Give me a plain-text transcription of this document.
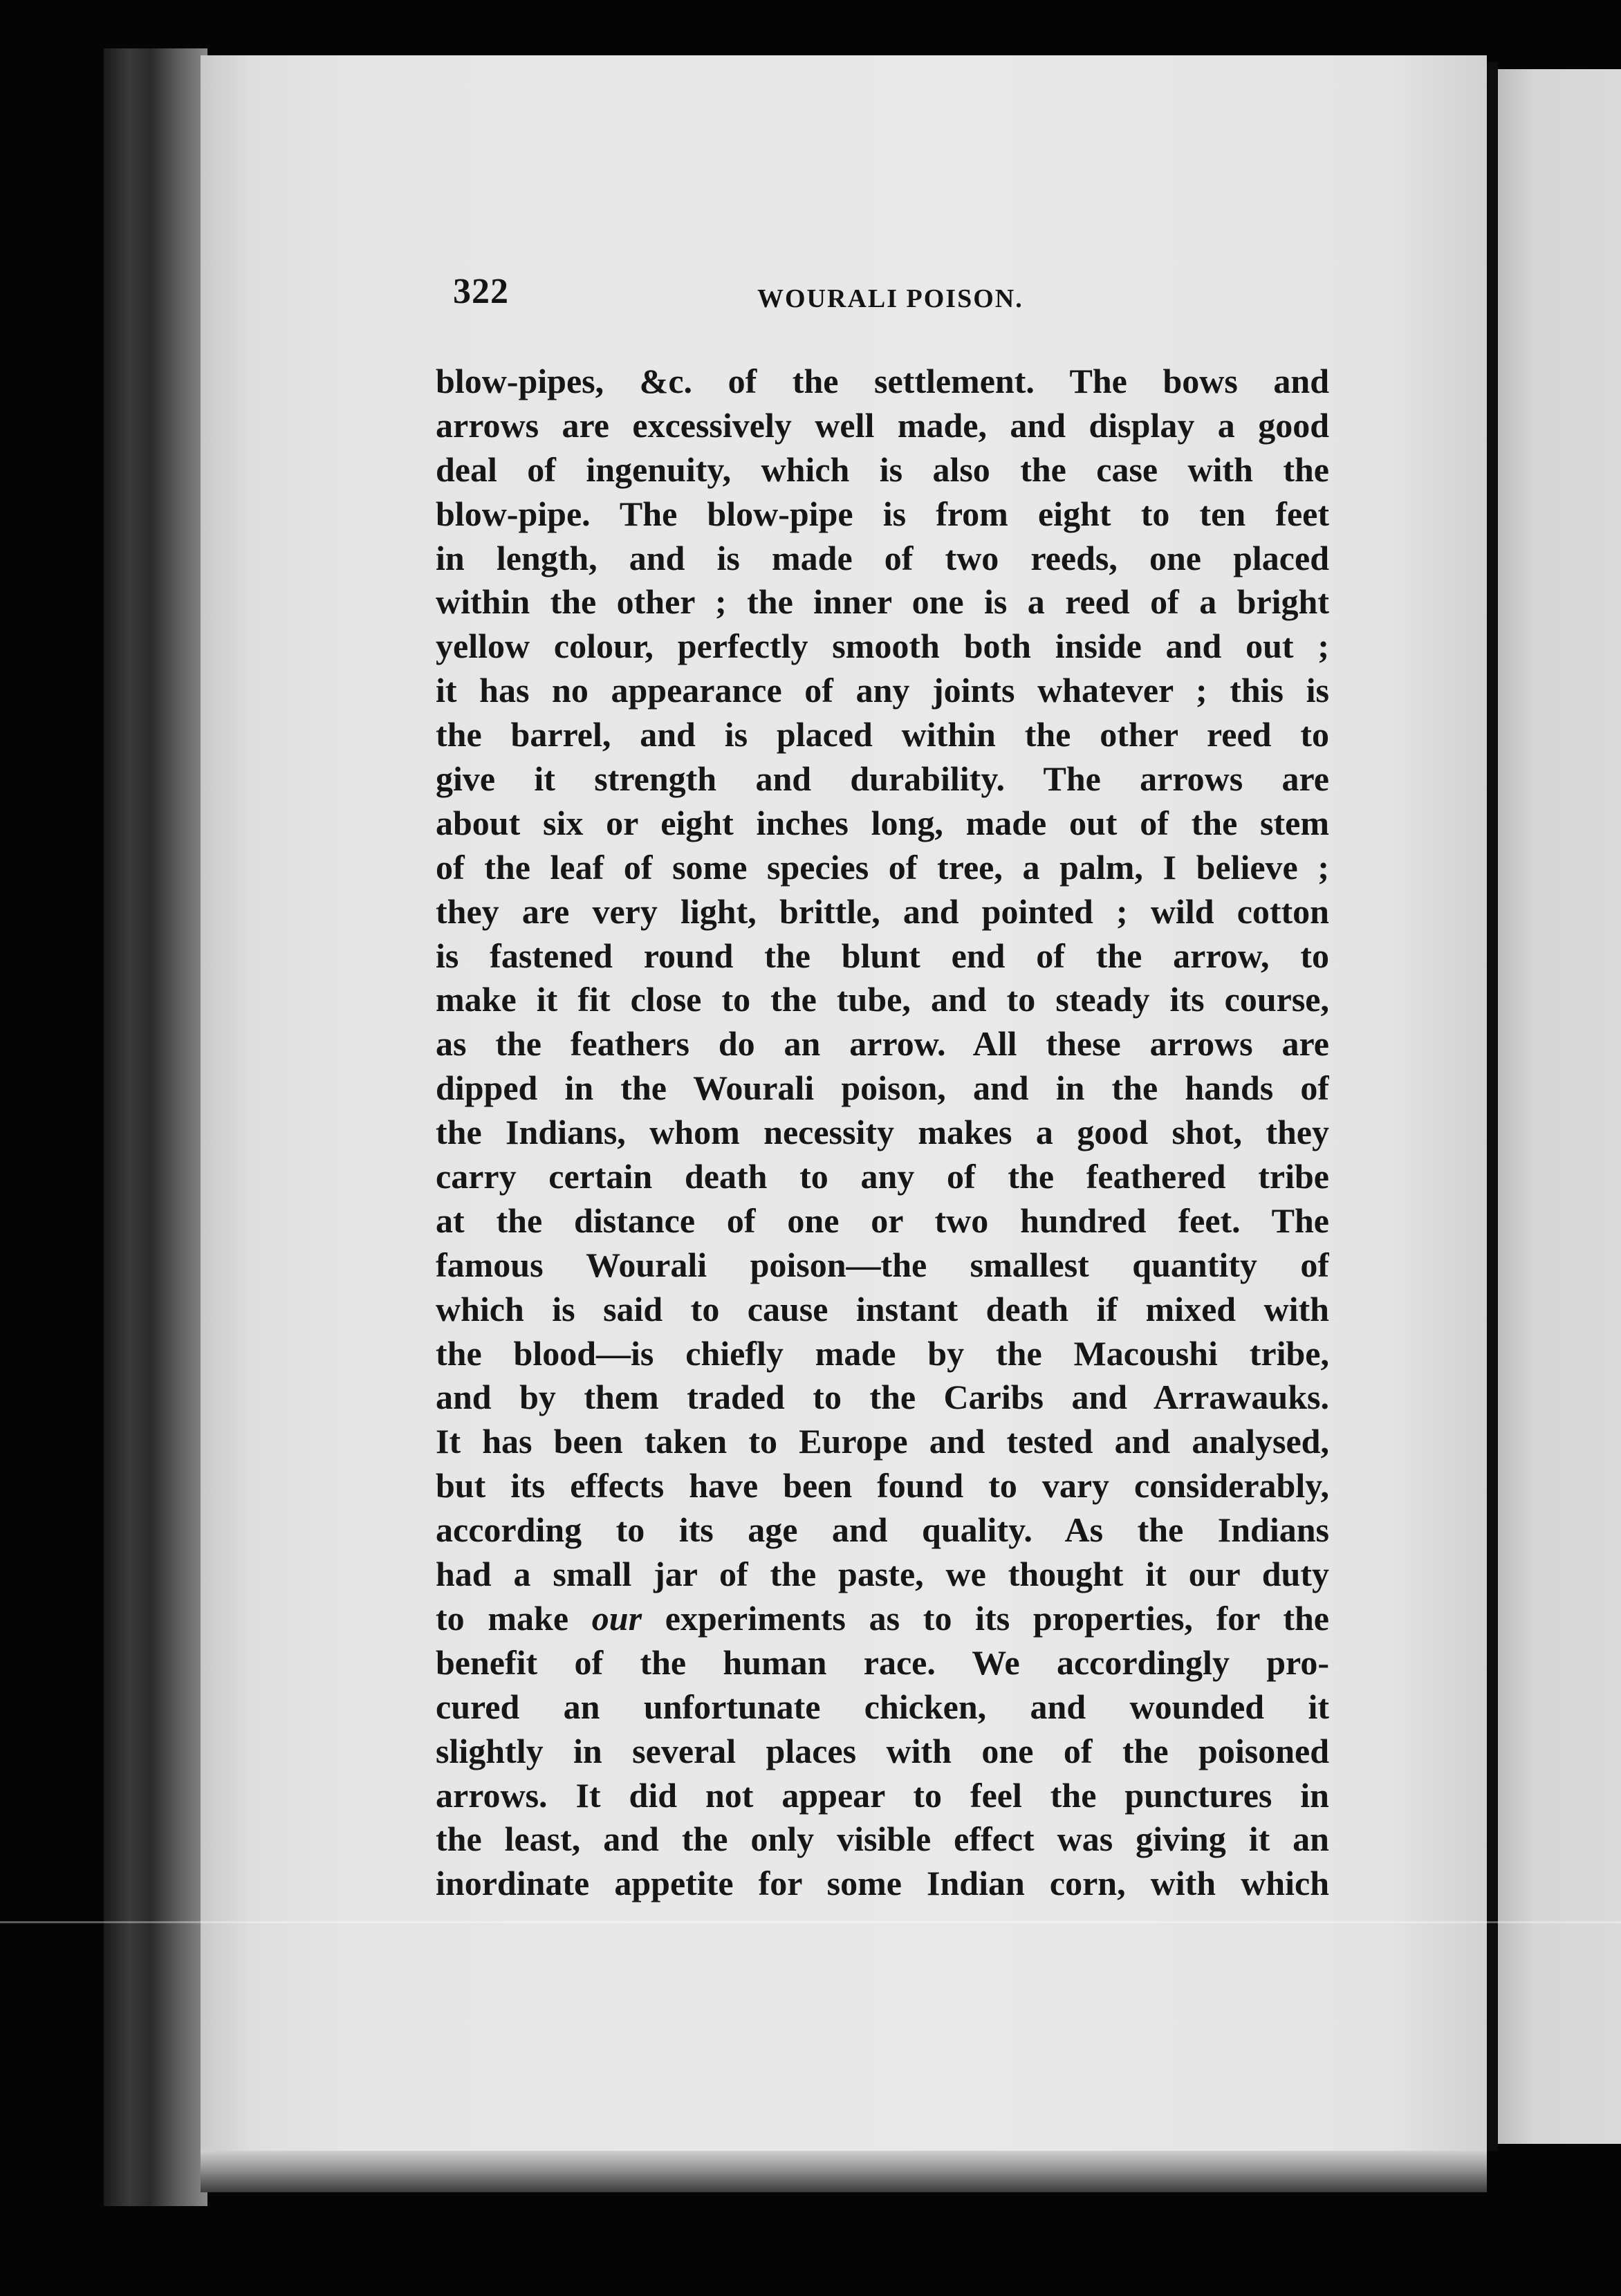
322	WOURALI POISON.
blow-pipes, &c. of the settlement. The bows and
arrows are excessively well made, and display a good
deal of ingenuity, which is also the case with the
blow-pipe. The blow-pipe is from eight to ten feet
in length, and is made of two reeds, one placed
within the other ; the inner one is a reed of a bright
yellow colour, perfectly smooth both inside and out ;
it has no appearance of any joints whatever ; this is
the barrel, and is placed within the other reed to
give it strength and durability. The arrows are
about six or eight inches long, made out of the stem
of the leaf of some species of tree, a palm, I believe ;
they are very light, brittle, and pointed ; wild cotton
is fastened round the blunt end of the arrow, to
make it fit close to the tube, and to steady its course,
as the feathers do an arrow. All these arrows are
dipped in the Wourali poison, and in the hands of
the Indians, whom necessity makes a good shot, they
carry certain death to any of the feathered tribe
at the distance of one or two hundred feet. The
famous Wourali poison—the smallest quantity of
which is said to cause instant death if mixed with
the blood—is chiefly made by the Macoushi tribe,
and by them traded to the Caribs and Arrawauks.
It has been taken to Europe and tested and analysed,
but its effects have been found to vary considerably,
according to its age and quality. As the Indians
had a small jar of the paste, we thought it our duty
to make our experiments as to its properties, for the
benefit of the human race. We accordingly pro-
cured an unfortunate chicken, and wounded it
slightly in several places with one of the poisoned
arrows. It did not appear to feel the punctures in
the least, and the only visible effect was giving it an
inordinate appetite for some Indian corn, with which
